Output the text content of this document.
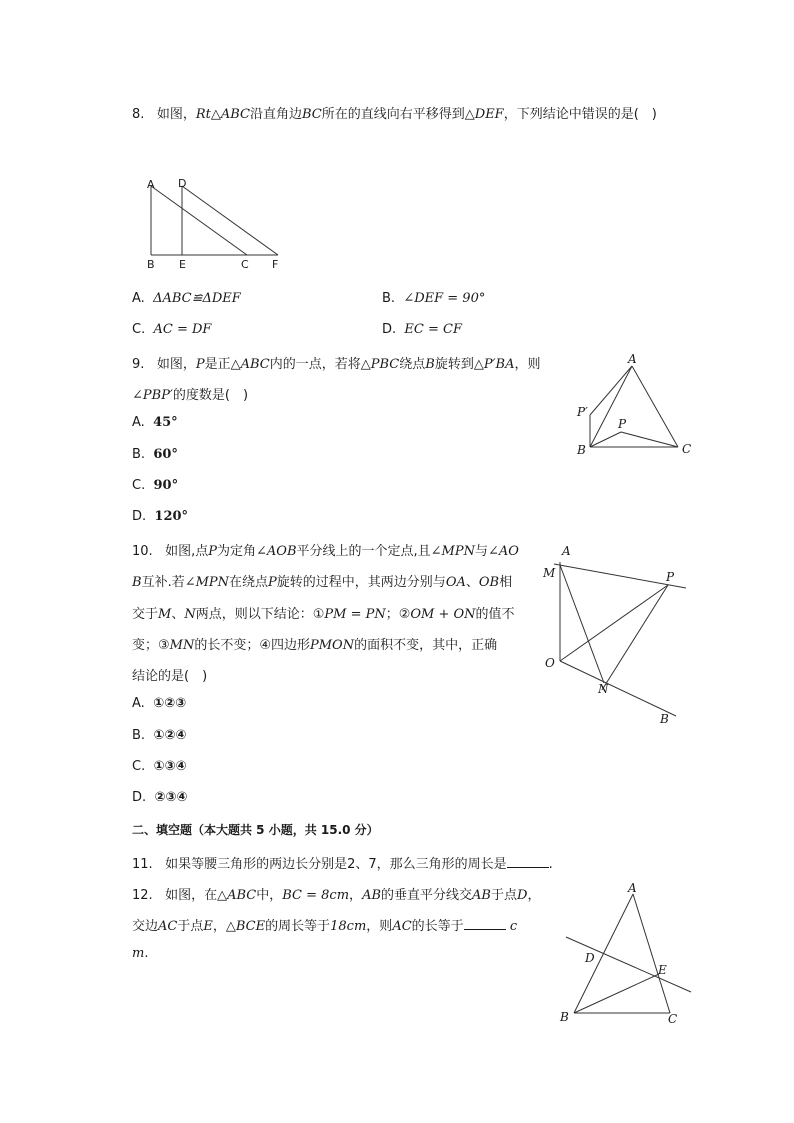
8. 如图，Rt△ABC沿直角边BC所在的直线向右平移得到△DEF，下列结论中错误的是(　)
A D
B E	C F
A. ΔABC≌ΔDEF	B. ∠DEF = 90°
C. AC = DF	D. EC = CF
9. 如图，P是正△ABC内的一点，若将△PBC绕点B旋转到△P′BA，则
∠PBP′的度数是(　)
A
P′
P
B	C
A. 45°
B. 60°
C. 90°
D. 120°
10. 如图,点P为定角∠AOB平分线上的一个定点,且∠MPN与∠AO
B互补.若∠MPN在绕点P旋转的过程中，其两边分别与OA、OB相
交于M、N两点，则以下结论：①PM = PN；②OM + ON的值不
变；③MN的长不变；④四边形PMON的面积不变，其中，正确
结论的是(　)
A
M	P
O
N
B
A. ①②③
B. ①②④
C. ①③④
D. ②③④
二、填空题（本大题共 5 小题，共 15.0 分）
11. 如果等腰三角形的两边长分别是2、7，那么三角形的周长是	.
12. 如图，在△ABC中，BC = 8cm，AB的垂直平分线交AB于点D，
交边AC于点E，△BCE的周长等于18cm，则AC的长等于	c
m.
A
D
E
B	C
